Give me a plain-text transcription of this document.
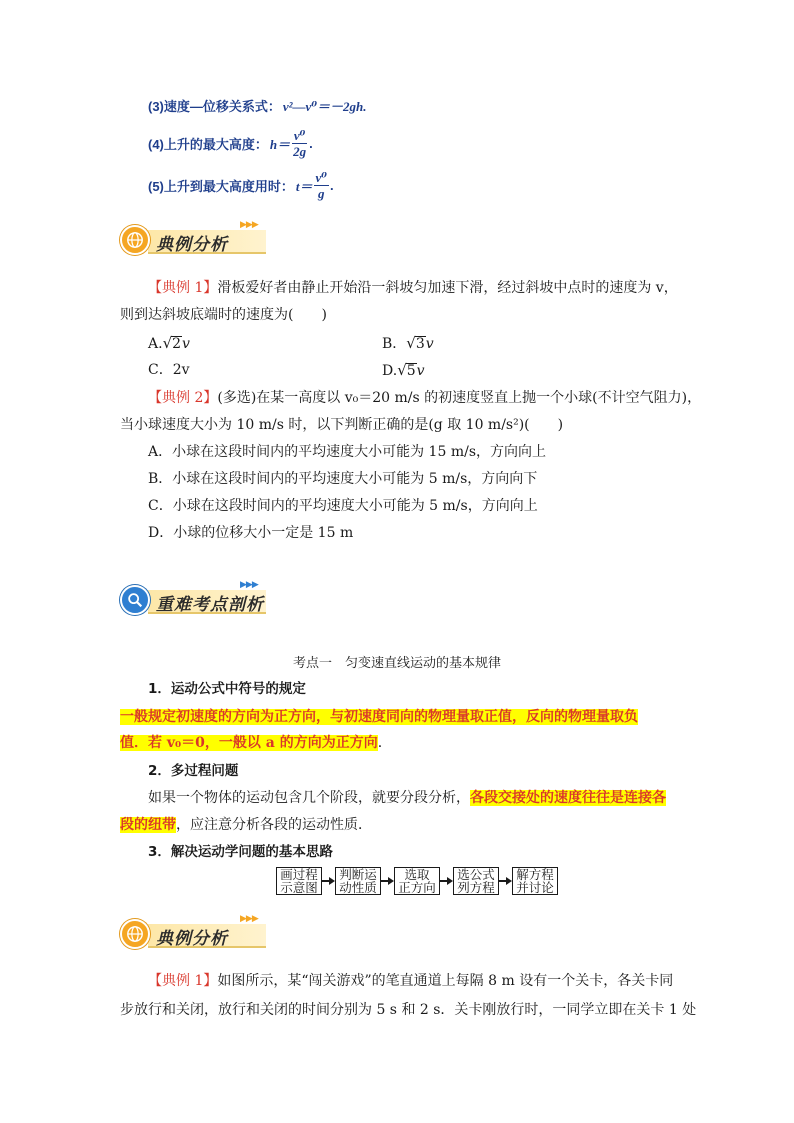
(3)速度—位移关系式： v²—v⁰＝－2gh.
(4)上升的最大高度： $h= \frac{\text{v⁰}}{2g}$ .
(5)上升到最大高度用时： $t= \frac{\text{v⁰}}{g}$ .
典例分析
▶▶▶
【典例 1】滑板爱好者由静止开始沿一斜坡匀加速下滑，经过斜坡中点时的速度为 v，
则到达斜坡底端时的速度为(　　)
A.√2v	B．√3v
C．2v	D.√5v
【典例 2】(多选)在某一高度以 v₀＝20 m/s 的初速度竖直上抛一个小球(不计空气阻力)，
当小球速度大小为 10 m/s 时，以下判断正确的是(g 取 10 m/s²)(　　)
A．小球在这段时间内的平均速度大小可能为 15 m/s，方向向上
B．小球在这段时间内的平均速度大小可能为 5 m/s，方向向下
C．小球在这段时间内的平均速度大小可能为 5 m/s，方向向上
D．小球的位移大小一定是 15 m
重难考点剖析
▶▶▶
考点一　匀变速直线运动的基本规律
1．运动公式中符号的规定
一般规定初速度的方向为正方向，与初速度同向的物理量取正值，反向的物理量取负
值．若 v₀＝0，一般以 a 的方向为正方向.
2．多过程问题
如果一个物体的运动包含几个阶段，就要分段分析，各段交接处的速度往往是连接各
段的纽带，应注意分析各段的运动性质．
3．解决运动学问题的基本思路
画过程
示意图
判断运
动性质
选取
正方向
选公式
列方程
解方程
并讨论
典例分析
▶▶▶
【典例 1】如图所示，某“闯关游戏”的笔直通道上每隔 8 m 设有一个关卡，各关卡同
步放行和关闭，放行和关闭的时间分别为 5 s 和 2 s．关卡刚放行时，一同学立即在关卡 1 处
